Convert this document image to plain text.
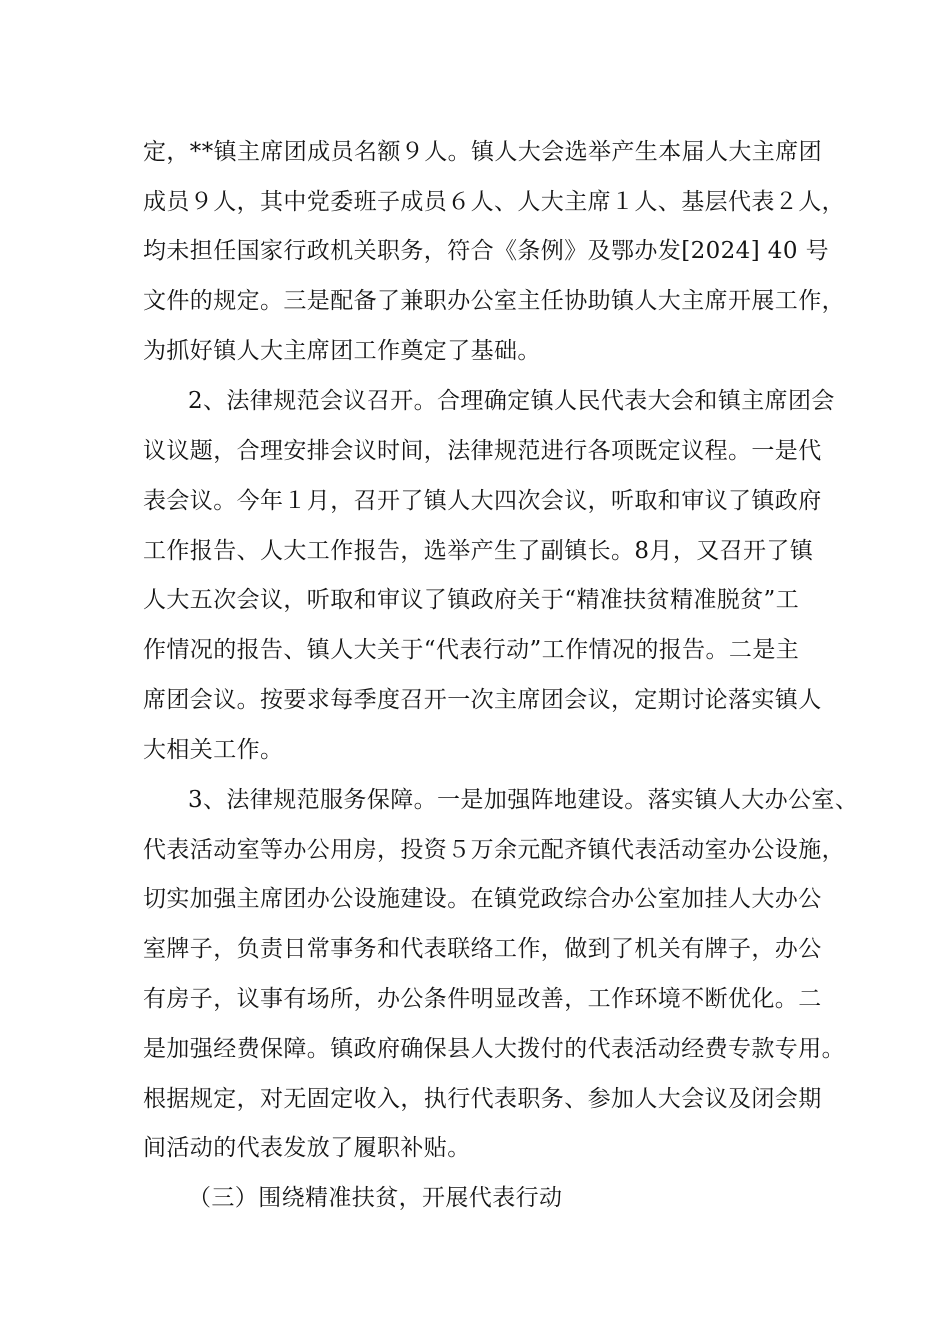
定，**镇主席团成员名额９人。镇人大会选举产生本届人大主席团
成员９人，其中党委班子成员６人、人大主席１人、基层代表２人，
均未担任国家行政机关职务，符合《条例》及鄂办发[2024] 40 号
文件的规定。三是配备了兼职办公室主任协助镇人大主席开展工作，
为抓好镇人大主席团工作奠定了基础。
2、法律规范会议召开。合理确定镇人民代表大会和镇主席团会
议议题，合理安排会议时间，法律规范进行各项既定议程。一是代
表会议。今年１月，召开了镇人大四次会议，听取和审议了镇政府
工作报告、人大工作报告，选举产生了副镇长。8月，又召开了镇
人大五次会议，听取和审议了镇政府关于“精准扶贫精准脱贫”工
作情况的报告、镇人大关于“代表行动”工作情况的报告。二是主
席团会议。按要求每季度召开一次主席团会议，定期讨论落实镇人
大相关工作。
3、法律规范服务保障。一是加强阵地建设。落实镇人大办公室、
代表活动室等办公用房，投资５万余元配齐镇代表活动室办公设施，
切实加强主席团办公设施建设。在镇党政综合办公室加挂人大办公
室牌子，负责日常事务和代表联络工作，做到了机关有牌子，办公
有房子，议事有场所，办公条件明显改善，工作环境不断优化。二
是加强经费保障。镇政府确保县人大拨付的代表活动经费专款专用。
根据规定，对无固定收入，执行代表职务、参加人大会议及闭会期
间活动的代表发放了履职补贴。
（三）围绕精准扶贫，开展代表行动
